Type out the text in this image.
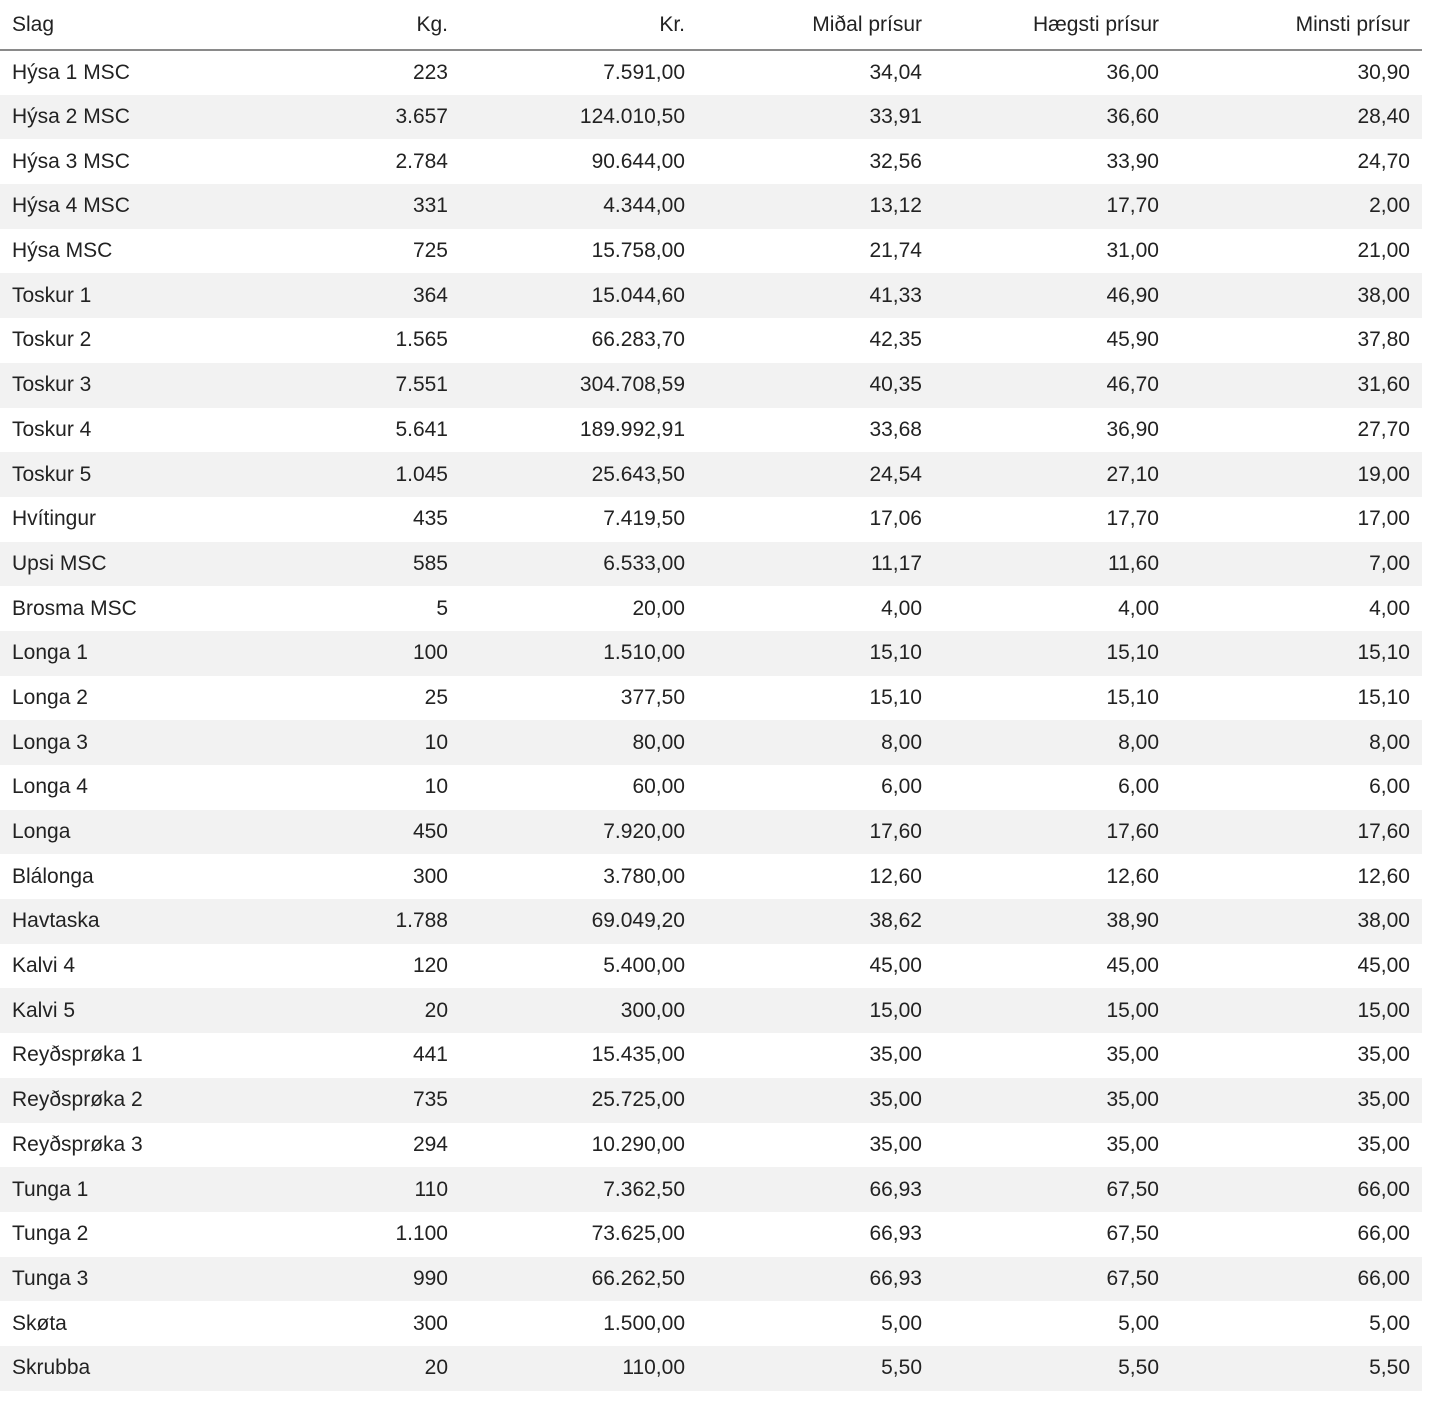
Slag	Kg.	Kr.	Miðal prísur	Hægsti prísur	Minsti prísur
Hýsa 1 MSC	223	7.591,00	34,04	36,00	30,90
Hýsa 2 MSC	3.657	124.010,50	33,91	36,60	28,40
Hýsa 3 MSC	2.784	90.644,00	32,56	33,90	24,70
Hýsa 4 MSC	331	4.344,00	13,12	17,70	2,00
Hýsa MSC	725	15.758,00	21,74	31,00	21,00
Toskur 1	364	15.044,60	41,33	46,90	38,00
Toskur 2	1.565	66.283,70	42,35	45,90	37,80
Toskur 3	7.551	304.708,59	40,35	46,70	31,60
Toskur 4	5.641	189.992,91	33,68	36,90	27,70
Toskur 5	1.045	25.643,50	24,54	27,10	19,00
Hvítingur	435	7.419,50	17,06	17,70	17,00
Upsi MSC	585	6.533,00	11,17	11,60	7,00
Brosma MSC	5	20,00	4,00	4,00	4,00
Longa 1	100	1.510,00	15,10	15,10	15,10
Longa 2	25	377,50	15,10	15,10	15,10
Longa 3	10	80,00	8,00	8,00	8,00
Longa 4	10	60,00	6,00	6,00	6,00
Longa	450	7.920,00	17,60	17,60	17,60
Blálonga	300	3.780,00	12,60	12,60	12,60
Havtaska	1.788	69.049,20	38,62	38,90	38,00
Kalvi 4	120	5.400,00	45,00	45,00	45,00
Kalvi 5	20	300,00	15,00	15,00	15,00
Reyðsprøka 1	441	15.435,00	35,00	35,00	35,00
Reyðsprøka 2	735	25.725,00	35,00	35,00	35,00
Reyðsprøka 3	294	10.290,00	35,00	35,00	35,00
Tunga 1	110	7.362,50	66,93	67,50	66,00
Tunga 2	1.100	73.625,00	66,93	67,50	66,00
Tunga 3	990	66.262,50	66,93	67,50	66,00
Skøta	300	1.500,00	5,00	5,00	5,00
Skrubba	20	110,00	5,50	5,50	5,50
